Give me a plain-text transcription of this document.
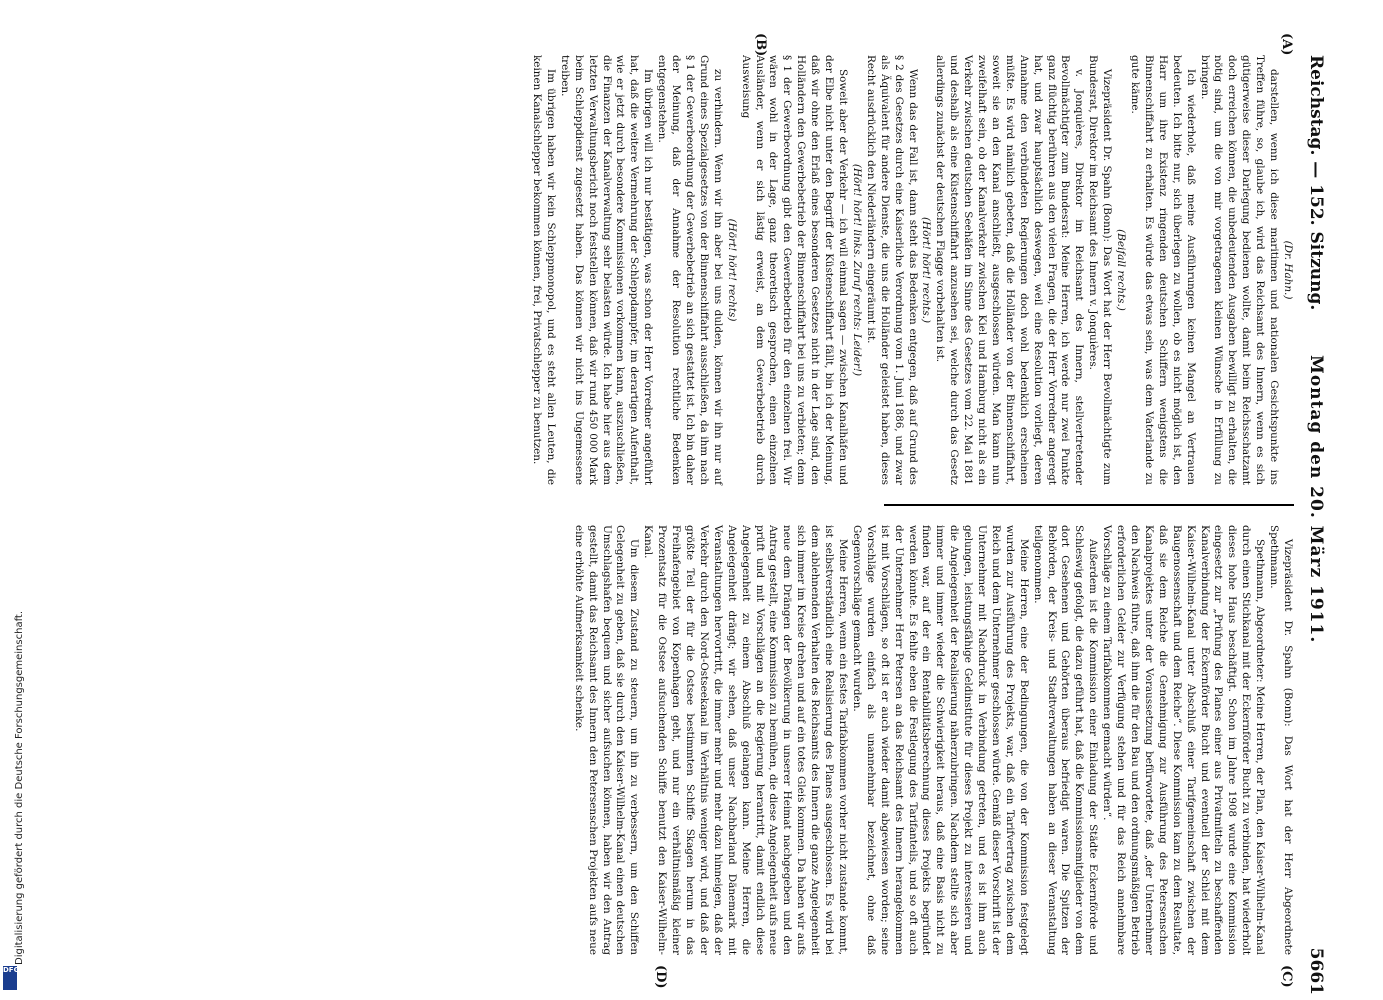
Reichstag. — 152. Sitzung.
Montag den 20. März 1911.
5661
(A)
(B)
(C)
(D)

(Dr. Hahn.)

darstellen, wenn ich diese maritimen und nationalen Gesichtspunkte ins Treffen führe, so, glaube ich, wird das Reichsamt des Innern, wenn es sich gütigerweise dieser Darlegung bedienen wollte, damit beim Reichsschatzamt doch erreichen können, die unbedeutenden Ausgaben bewilligt zu erhalten, die nötig sind, um die von mir vorgetragenen kleinen Wünsche in Erfüllung zu bringen.

Ich wiederhole, daß meine Ausführungen keinen Mangel an Vertrauen bedeuten. Ich bitte nur, sich überlegen zu wollen, ob es nicht möglich ist, den Harr um ihre Existenz ringenden deutschen Schiffern wenigstens die Binnenschiffahrt zu erhalten. Es würde das etwas sein, was dem Vaterlande zu gute käme.

(Beifall rechts.)

Vizepräsident Dr. Spahn (Bonn): Das Wort hat der Herr Bevollmächtigte zum Bundesrat, Direktor im Reichsamt des Innern v. Jonquières.

v. Jonquières, Direktor im Reichsamt des Innern, stellvertretender Bevollmächtigter zum Bundesrat: Meine Herren, ich werde nur zwei Punkte ganz flüchtig berühren aus den vielen Fragen, die der Herr Vorredner angeregt hat, und zwar hauptsächlich deswegen, weil eine Resolution vorliegt, deren Annahme den verbündeten Regierungen doch wohl bedenklich erscheinen müßte. Es wird nämlich gebeten, daß die Holländer von der Binnenschiffahrt, soweit sie an den Kanal anschließt, ausgeschlossen würden. Man kann nun zweifelhaft sein, ob der Kanalverkehr zwischen Kiel und Hamburg nicht als ein Verkehr zwischen deutschen Seehäfen im Sinne des Gesetzes vom 22. Mai 1881 und deshalb als eine Küstenschiffahrt anzusehen sei, welche durch das Gesetz allerdings zunächst der deutschen Flagge vorbehalten ist.

(Hört! hört! rechts.)

Wenn das der Fall ist, dann steht das Bedenken entgegen, daß auf Grund des § 2 des Gesetzes durch eine Kaiserliche Verordnung vom 1. Juni 1886, und zwar als Äquivalent für andere Dienste, die uns die Holländer geleistet haben, dieses Recht ausdrücklich den Niederländern eingeräumt ist.

(Hört! hört! links. Zuruf rechts: Leider!)

Soweit aber der Verkehr — ich will einmal sagen — zwischen Kanalhäfen und der Elbe nicht unter den Begriff der Küstenschiffahrt fällt, bin ich der Meinung, daß wir ohne den Erlaß eines besonderen Gesetzes nicht in der Lage sind, den Holländern den Gewerbebetrieb der Binnenschiffahrt bei uns zu verbieten; denn § 1 der Gewerbeordnung gibt den Gewerbebetrieb für den einzelnen frei. Wir wären wohl in der Lage, ganz theoretisch gesprochen, einen einzelnen Ausländer, wenn er sich lästig erweist, an dem Gewerbebetrieb durch Ausweisung

(Hört! hört! rechts)

zu verhindern. Wenn wir ihn aber bei uns dulden, können wir ihn nur auf Grund eines Spezialgesetzes von der Binnenschiffahrt ausschließen, da ihm nach § 1 der Gewerbeordnung der Gewerbebetrieb an sich gestattet ist. Ich bin daher der Meinung, daß der Annahme der Resolution rechtliche Bedenken entgegenstehen.

Im übrigen will ich nur bestätigen, was schon der Herr Vorredner angeführt hat, daß die weitere Vermehrung der Schleppdampfer, im derartigen Aufenthalt, wie er jetzt durch besondere Kommissionen vorkommen kann, auszuschließen, die Finanzen der Kanalverwaltung sehr belasten würde. Ich habe hier aus dem letzten Verwaltungsbericht noch feststellen können, daß wir rund 450 000 Mark beim Schleppdienst zugesetzt haben. Das können wir nicht ins Ungemessene treiben.

Im übrigen haben wir kein Schleppmonopol, und es steht allen Leuten, die keinen Kanalschlepper bekommen können, frei, Privatschlepper zu benutzen.

Vizepräsident Dr. Spahn (Bonn): Das Wort hat der Herr Abgeordnete Spethmann.

Spethmann, Abgeordneter: Meine Herren, der Plan, den Kaiser-Wilhelm-Kanal durch einen Stichkanal mit der Eckernförder Bucht zu verbinden, hat wiederholt dieses hohe Haus beschäftigt. Schon im Jahre 1908 wurde eine Kommission eingesetzt zur „Prüfung des Planes einer aus Privatmitteln zu beschaffenden Kanalverbindung der Eckernförder Bucht und eventuell der Schlei mit dem Kaiser-Wilhelm-Kanal unter Abschluß einer Tarifgemeinschaft zwischen der Baugenossenschaft und dem Reiche“. Diese Kommission kam zu dem Resultate, daß sie dem Reiche die Genehmigung zur Ausführung des Petersenschen Kanalprojektes unter der Voraussetzung befürwortete, daß „der Unternehmer den Nachweis führe, daß ihm die für den Bau und den ordnungsmäßigen Betrieb erforderlichen Gelder zur Verfügung stehen und für das Reich annehmbare Vorschläge zu einem Tarifabkommen gemacht würden“.

Außerdem ist die Kommission einer Einladung der Städte Eckernförde und Schleswig gefolgt, die dazu geführt hat, daß die Kommissionsmitglieder von dem dort Gesehenen und Gehörten überaus befriedigt waren. Die Spitzen der Behörden, der Kreis- und Stadtverwaltungen haben an dieser Veranstaltung teilgenommen.

Meine Herren, eine der Bedingungen, die von der Kommission festgelegt wurden zur Ausführung des Projekts, war, daß ein Tarifvertrag zwischen dem Reich und dem Unternehmer geschlossen würde. Gemäß dieser Vorschrift ist der Unternehmer mit Nachdruck in Verbindung getreten, und es ist ihm auch gelungen, leistungsfähige Geldinstitute für dieses Projekt zu interessieren und die Angelegenheit der Realisierung näherzubringen. Nachdem stellte sich aber immer und immer wieder die Schwierigkeit heraus, daß eine Basis nicht zu finden war, auf der ein Rentabilitätsberechnung dieses Projekts begründet werden könnte. Es fehlte eben die Festlegung des Tarifanteils, und so oft auch der Unternehmer Herr Petersen an das Reichsamt des Innern herangekommen ist mit Vorschlägen, so oft ist er auch wieder damit abgewiesen worden; seine Vorschläge wurden einfach als unannehmbar bezeichnet, ohne daß Gegenvorschläge gemacht wurden.

Meine Herren, wenn ein festes Tarifabkommen vorher nicht zustande kommt, ist selbstverständlich eine Realisierung des Planes ausgeschlossen. Es wird bei dem ablehnenden Verhalten des Reichsamts des Innern die ganze Angelegenheit sich immer im Kreise drehen und auf ein totes Gleis kommen. Da haben wir aufs neue dem Drängen der Bevölkerung in unserer Heimat nachgegeben und den Antrag gestellt, eine Kommission zu bemühen, die diese Angelegenheit aufs neue prüft und mit Vorschlägen an die Regierung herantritt, damit endlich diese Angelegenheit zu einem Abschluß gelangen kann. Meine Herren, die Angelegenheit drängt; wir sehen, daß unser Nachbarland Dänemark mit Veranstaltungen hervortritt, die immer mehr und mehr dazu hinneigen, daß der Verkehr durch den Nord-Ostseekanal im Verhältnis weniger wird, und daß der größte Teil der für die Ostsee bestimmten Schiffe Skagen herum in das Freihafengebiet von Kopenhagen geht, und nur ein verhältnismäßig kleiner Prozentsatz für die Ostsee aufsuchenden Schiffe benutzt den Kaiser-Wilhelm-Kanal.

Um diesem Zustand zu steuern, um ihn zu verbessern, um den Schiffen Gelegenheit zu geben, daß sie durch den Kaiser-Wilhelm-Kanal einen deutschen Umschlagshafen bequem und sicher aufsuchen können, haben wir den Antrag gestellt, damit das Reichsamt des Innern den Petersenschen Projekten aufs neue eine erhöhte Aufmerksamkeit schenke.

Digitalisierung gefördert durch die Deutsche Forschungsgemeinschaft.
DFG
